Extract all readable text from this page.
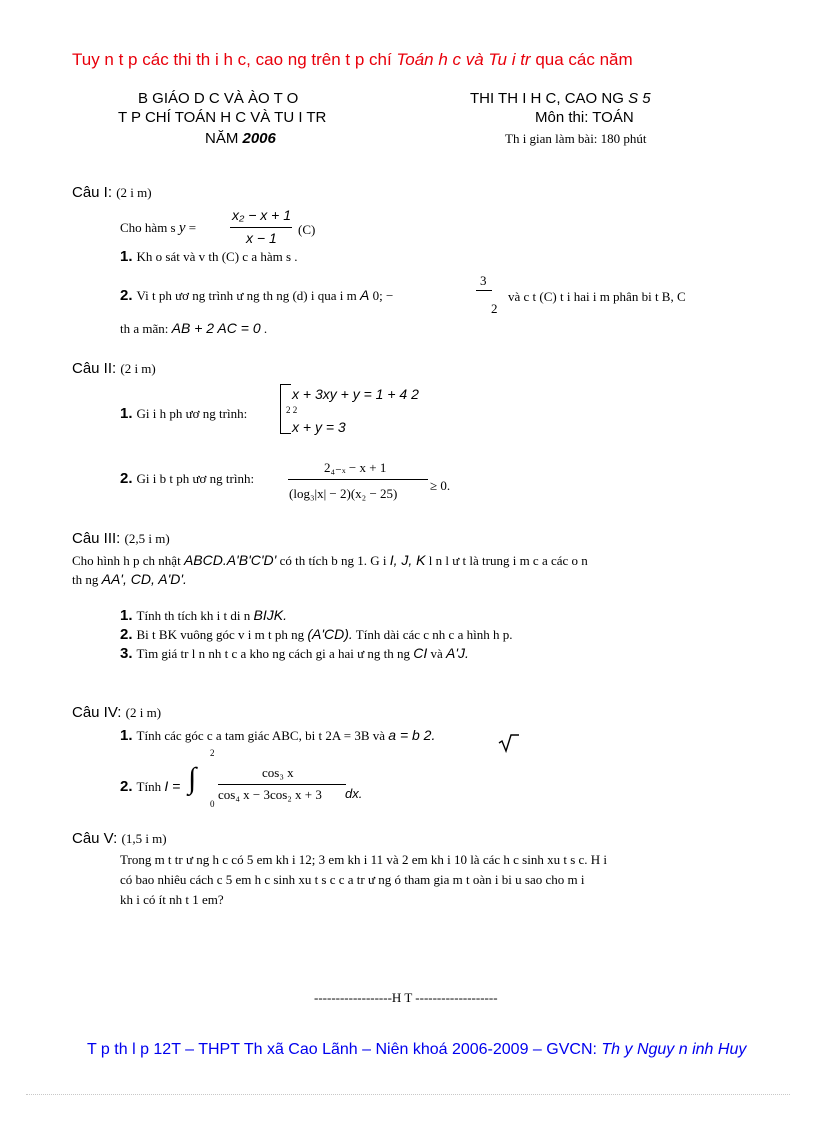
Tuy n t p các thi th i h c, cao ng trên t p chí Toán h c và Tu i tr qua các năm
B GIÁO D C VÀ ÀO T O
T P CHÍ TOÁN H C VÀ TU I TR
NĂM 2006
THI TH I H C, CAO NG S 5
Môn thi: TOÁN
Th i gian làm bài: 180 phút
Câu I: (2 i m)
Cho hàm s y =
x₂ − x + 1
x − 1
(C)
1. Kh o sát và v th (C) c a hàm s .
2. Vi t ph ươ ng trình ư ng th ng (d) i qua i m A 0; −
3
2
và c t (C) t i hai i m phân bi t B, C
th a mãn: AB + 2 AC = 0 .
Câu II: (2 i m)
1. Gi i h ph ươ ng trình:
x + 3xy + y = 1 + 4 2
2 2
x + y = 3
2. Gi i b t ph ươ ng trình:
2₄₋ₓ − x + 1
(log₃|x| − 2)(x₂ − 25)
≥ 0.
Câu III: (2,5 i m)
Cho hình h p ch nhật ABCD.A'B'C'D' có th tích b ng 1. G i I, J, K l n l ư t là trung i m c a các o n
th ng AA', CD, A'D'.
1. Tính th tích kh i t di n BIJK.
2. Bi t BK vuông góc v i m t ph ng (A'CD). Tính dài các c nh c a hình h p.
3. Tìm giá tr l n nh t c a kho ng cách gi a hai ư ng th ng CI và A'J.
Câu IV: (2 i m)
1. Tính các góc c a tam giác ABC, bi t 2A = 3B và a = b 2.
2. Tính I = ∫
2
0
cos₃ x
cos₄ x − 3cos₂ x + 3 dx.
Câu V: (1,5 i m)
Trong m t tr ư ng h c có 5 em kh i 12; 3 em kh i 11 và 2 em kh i 10 là các h c sinh xu t s c. H i
có bao nhiêu cách c 5 em h c sinh xu t s c c a tr ư ng ó tham gia m t oàn i bi u sao cho m i
kh i có ít nh t 1 em?
------------------H T -------------------
T p th l p 12T – THPT Th xã Cao Lãnh – Niên khoá 2006-2009 – GVCN: Th y Nguy n inh Huy
